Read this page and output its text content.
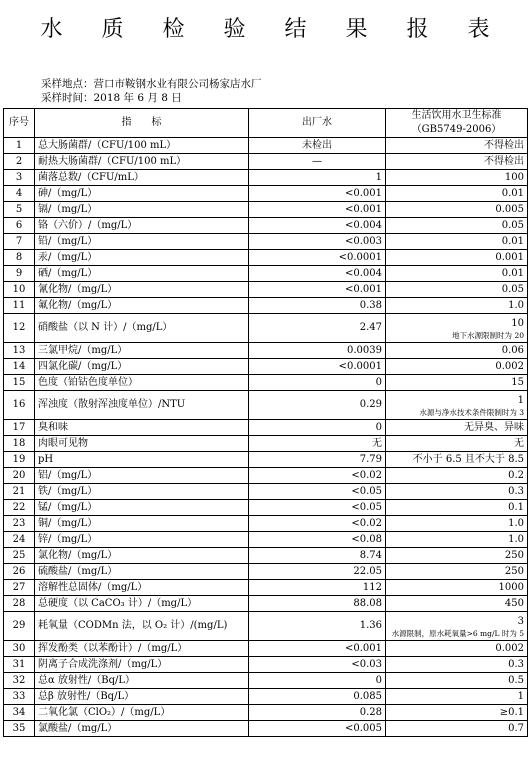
水 质 检 验 结 果 报 表
采样地点：营口市鞍钢水业有限公司杨家店水厂
采样时间：2018 年 6 月 8 日
序号	指　　标	出厂水	生活饮用水卫生标准
（GB5749-2006）
1	总大肠菌群/（CFU/100 mL）	未检出	不得检出
2	耐热大肠菌群/（CFU/100 mL）	—	不得检出
3	菌落总数/（CFU/mL）	1	100
4	砷/（mg/L）	<0.001	0.01
5	镉/（mg/L）	<0.001	0.005
6	铬（六价）/（mg/L）	<0.004	0.05
7	铅/（mg/L）	<0.003	0.01
8	汞/（mg/L）	<0.0001	0.001
9	硒/（mg/L）	<0.004	0.01
10	氰化物/（mg/L）	<0.001	0.05
11	氟化物/（mg/L）	0.38	1.0
12	硝酸盐（以 N 计）/（mg/L）	2.47	10
地下水源限制时为 20

13	三氯甲烷/（mg/L）	0.0039	0.06
14	四氯化碳/（mg/L）	<0.0001	0.002
15	色度（铂钴色度单位）	0	15
16	浑浊度（散射浑浊度单位）/NTU	0.29	1
水源与净水技术条件限制时为 3

17	臭和味	0	无异臭、异味
18	肉眼可见物	无	无
19	pH	7.79	不小于 6.5 且不大于 8.5
20	铝/（mg/L）	<0.02	0.2
21	铁/（mg/L）	<0.05	0.3
22	锰/（mg/L）	<0.05	0.1
23	铜/（mg/L）	<0.02	1.0
24	锌/（mg/L）	<0.08	1.0
25	氯化物/（mg/L）	8.74	250
26	硫酸盐/（mg/L）	22.05	250
27	溶解性总固体/（mg/L）	112	1000
28	总硬度（以 CaCO₃ 计）/（mg/L）	88.08	450
29	耗氧量（CODMn 法，以 O₂ 计）/(mg/L)	1.36	3
水源限制，原水耗氧量>6 mg/L 时为 5

30	挥发酚类（以苯酚计）/（mg/L）	<0.001	0.002
31	阴离子合成洗涤剂/（mg/L）	<0.03	0.3
32	总α 放射性/（Bq/L）	0	0.5
33	总β 放射性/（Bq/L）	0.085	1
34	二氧化氯（ClO₂）/（mg/L）	0.28	≥0.1
35	氯酸盐/（mg/L）	<0.005	0.7
